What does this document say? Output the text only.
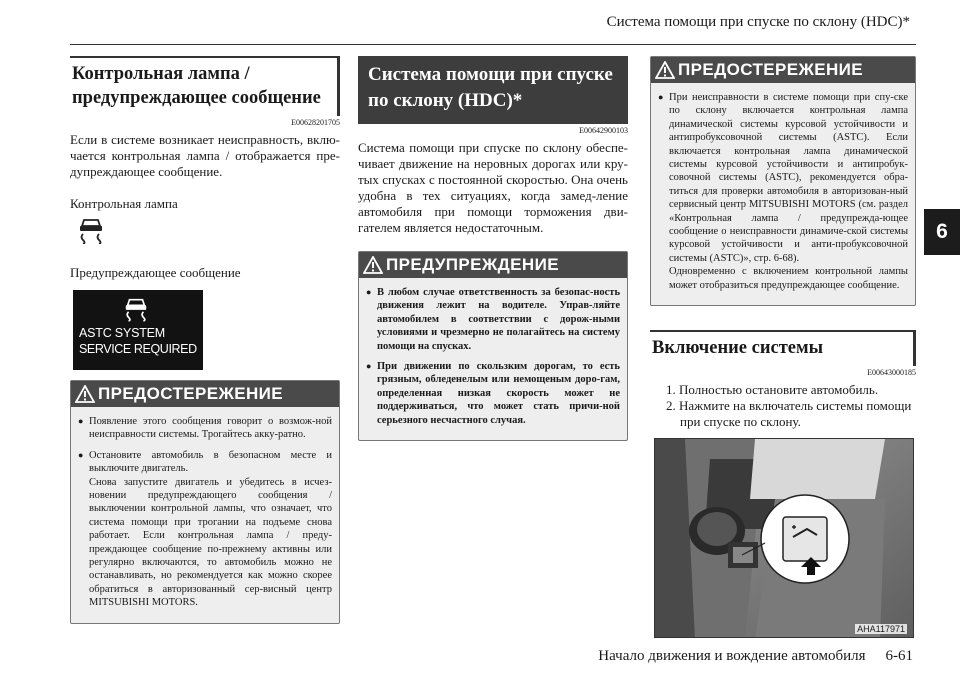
Система помощи при спуске по склону (HDC)*
6
Контрольная лампа /
предупреждающее сообщение
E00628201705
Если в системе возникает неисправность, вклю-чается контрольная лампа / отображается пре-дупреждающее сообщение.
Контрольная лампа
Предупреждающее сообщение
ASTC SYSTEM
SERVICE REQUIRED
ПРЕДОСТЕРЕЖЕНИЕ
● Появление этого сообщения говорит о возмож-ной неисправности системы. Трогайтесь акку-ратно.
● Остановите автомобиль в безопасном месте и выключите двигатель.
Снова запустите двигатель и убедитесь в исчез-новении предупреждающего сообщения / выключении контрольной лампы, что означает, что система помощи при трогании на подъеме снова работает. Если контрольная лампа / преду-преждающее сообщение по-прежнему активны или регулярно включаются, то автомобиль можно не останавливать, но рекомендуется как можно скорее обратиться в авторизованный сер-висный центр MITSUBISHI MOTORS.
Система помощи при спуске
по склону (HDC)*
E00642900103
Система помощи при спуске по склону обеспе-чивает движение на неровных дорогах или кру-тых спусках с постоянной скоростью. Она очень удобна в тех ситуациях, когда замед-ление автомобиля при помощи торможения дви-гателем является недостаточным.
ПРЕДУПРЕЖДЕНИЕ
● В любом случае ответственность за безопас-ность движения лежит на водителе. Управ-ляйте автомобилем в соответствии с дорож-ными условиями и чрезмерно не полагайтесь на систему помощи на спусках.
● При движении по скользким дорогам, то есть грязным, обледенелым или немощеным доро-гам, определенная низкая скорость может не поддерживаться, что может стать причи-ной серьезного несчастного случая.
ПРЕДОСТЕРЕЖЕНИЕ
● При неисправности в системе помощи при спу-ске по склону включается контрольная лампа динамической системы курсовой устойчивости и антипробуксовочной системы (ASTC). Если включается контрольная лампа динамической системы курсовой устойчивости и антипробук-совочной системы (ASTC), рекомендуется обра-титься для проверки автомобиля в авторизован-ный сервисный центр MITSUBISHI MOTORS (см. раздел «Контрольная лампа / предупрежда-ющее сообщение о неисправности динамиче-ской системы курсовой устойчивости и анти-пробуксовочной системы (ASTC)», стр. 6-68).
Одновременно с включением контрольной лампы может отобразиться предупреждающее сообщение.
Включение системы
E00643000185
1. Полностью остановите автомобиль.
2. Нажмите на включатель системы помощи при спуске по склону.
AHA117971
Начало движения и вождение автомобиля 6-61
